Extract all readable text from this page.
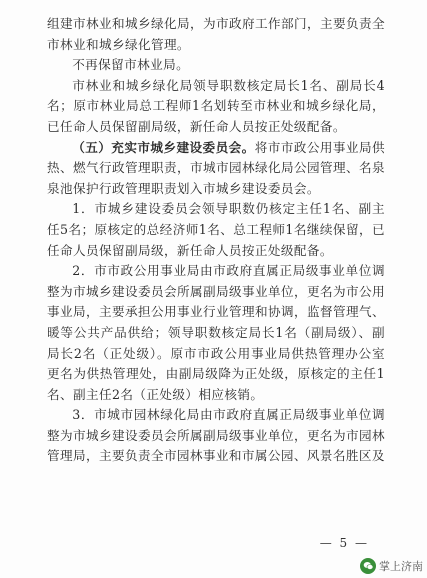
组建市林业和城乡绿化局，为市政府工作部门，主要负责全市林业和城乡绿化管理。

不再保留市林业局。

市林业和城乡绿化局领导职数核定局长1名、副局长4名；原市林业局总工程师1名划转至市林业和城乡绿化局，已任命人员保留副局级，新任命人员按正处级配备。

（五）充实市城乡建设委员会。将市市政公用事业局供热、燃气行政管理职责，市城市园林绿化局公园管理、名泉泉池保护行政管理职责划入市城乡建设委员会。

1．市城乡建设委员会领导职数仍核定主任1名、副主任5名；原核定的总经济师1名、总工程师1名继续保留，已任命人员保留副局级，新任命人员按正处级配备。

2．市市政公用事业局由市政府直属正局级事业单位调整为市城乡建设委员会所属副局级事业单位，更名为市公用事业局，主要承担公用事业行业管理和协调，监督管理气、暖等公共产品供给；领导职数核定局长1名（副局级）、副局长2名（正处级）。原市市政公用事业局供热管理办公室更名为供热管理处，由副局级降为正处级，原核定的主任1名、副主任2名（正处级）相应核销。

3．市城市园林绿化局由市政府直属正局级事业单位调整为市城乡建设委员会所属副局级事业单位，更名为市园林管理局，主要负责全市园林事业和市属公园、风景名胜区及

— 5 —
掌上济南
